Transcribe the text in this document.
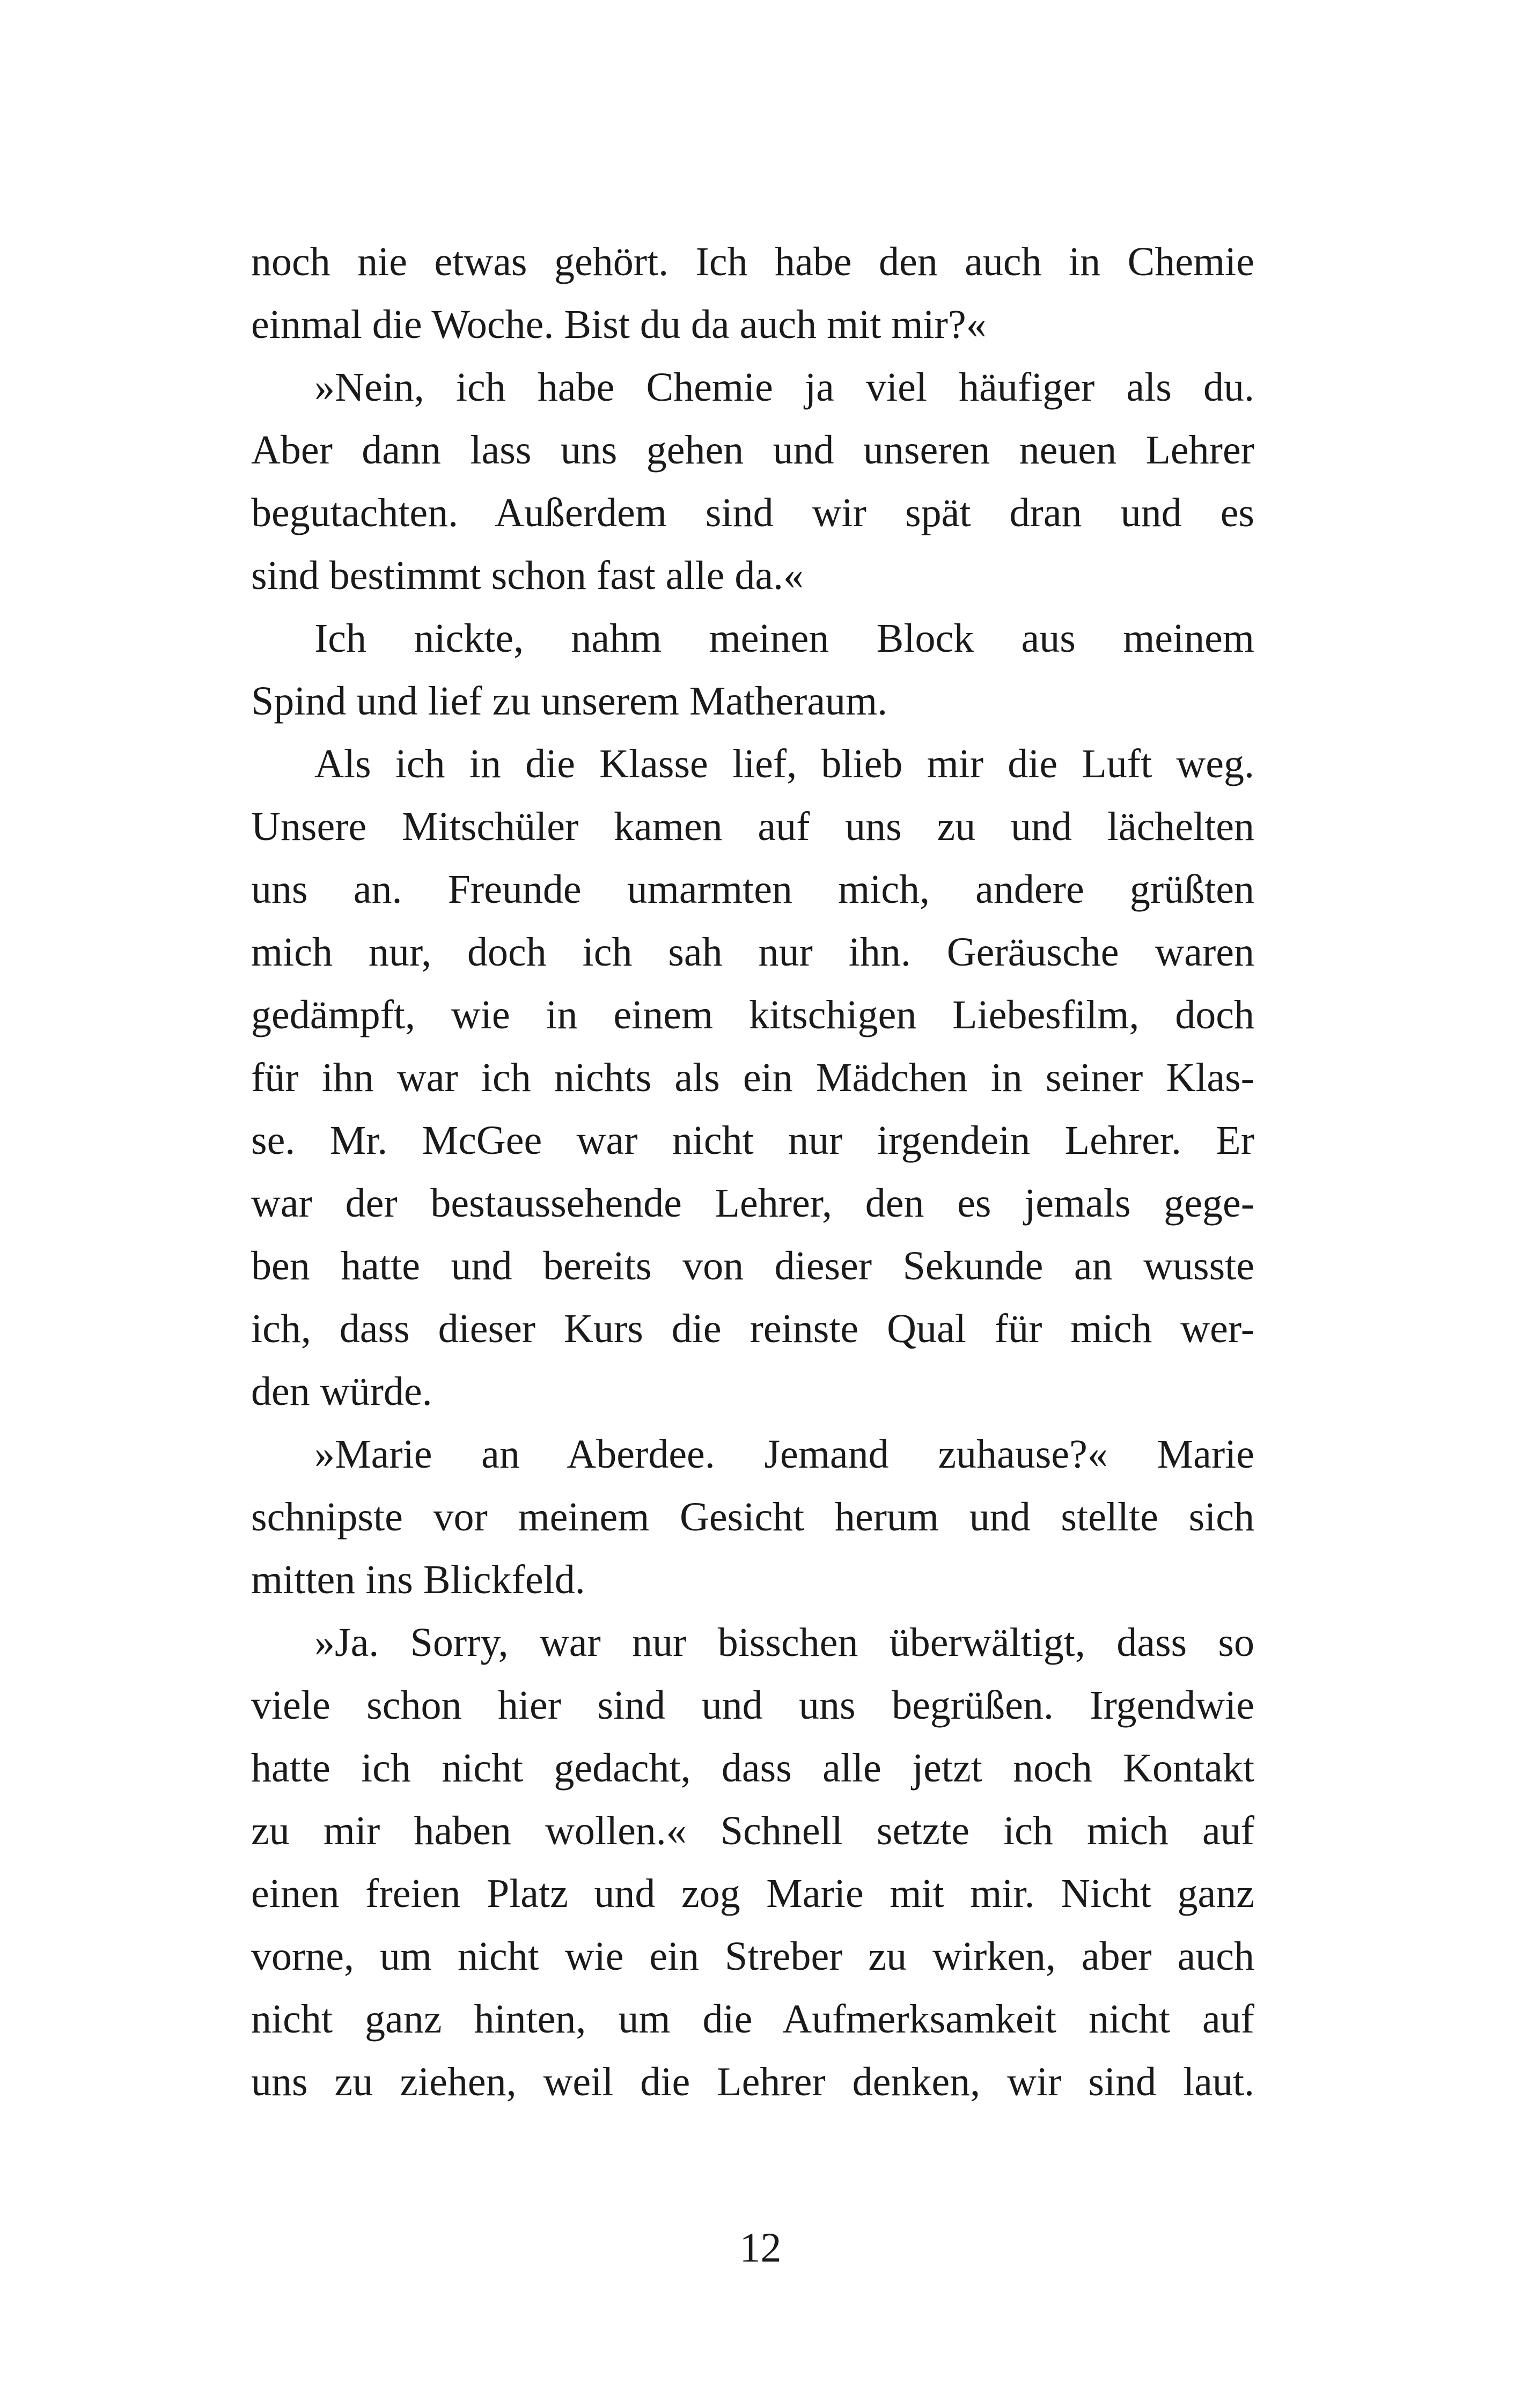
noch nie etwas gehört. Ich habe den auch in Chemie
einmal die Woche. Bist du da auch mit mir?«
»Nein, ich habe Chemie ja viel häufiger als du.
Aber dann lass uns gehen und unseren neuen Lehrer
begutachten. Außerdem sind wir spät dran und es
sind bestimmt schon fast alle da.«
Ich nickte, nahm meinen Block aus meinem
Spind und lief zu unserem Matheraum.
Als ich in die Klasse lief, blieb mir die Luft weg.
Unsere Mitschüler kamen auf uns zu und lächelten
uns an. Freunde umarmten mich, andere grüßten
mich nur, doch ich sah nur ihn. Geräusche waren
gedämpft, wie in einem kitschigen Liebesfilm, doch
für ihn war ich nichts als ein Mädchen in seiner Klas-
se. Mr. McGee war nicht nur irgendein Lehrer. Er
war der bestaussehende Lehrer, den es jemals gege-
ben hatte und bereits von dieser Sekunde an wusste
ich, dass dieser Kurs die reinste Qual für mich wer-
den würde.
»Marie an Aberdee. Jemand zuhause?« Marie
schnipste vor meinem Gesicht herum und stellte sich
mitten ins Blickfeld.
»Ja. Sorry, war nur bisschen überwältigt, dass so
viele schon hier sind und uns begrüßen. Irgendwie
hatte ich nicht gedacht, dass alle jetzt noch Kontakt
zu mir haben wollen.« Schnell setzte ich mich auf
einen freien Platz und zog Marie mit mir. Nicht ganz
vorne, um nicht wie ein Streber zu wirken, aber auch
nicht ganz hinten, um die Aufmerksamkeit nicht auf
uns zu ziehen, weil die Lehrer denken, wir sind laut.
12
